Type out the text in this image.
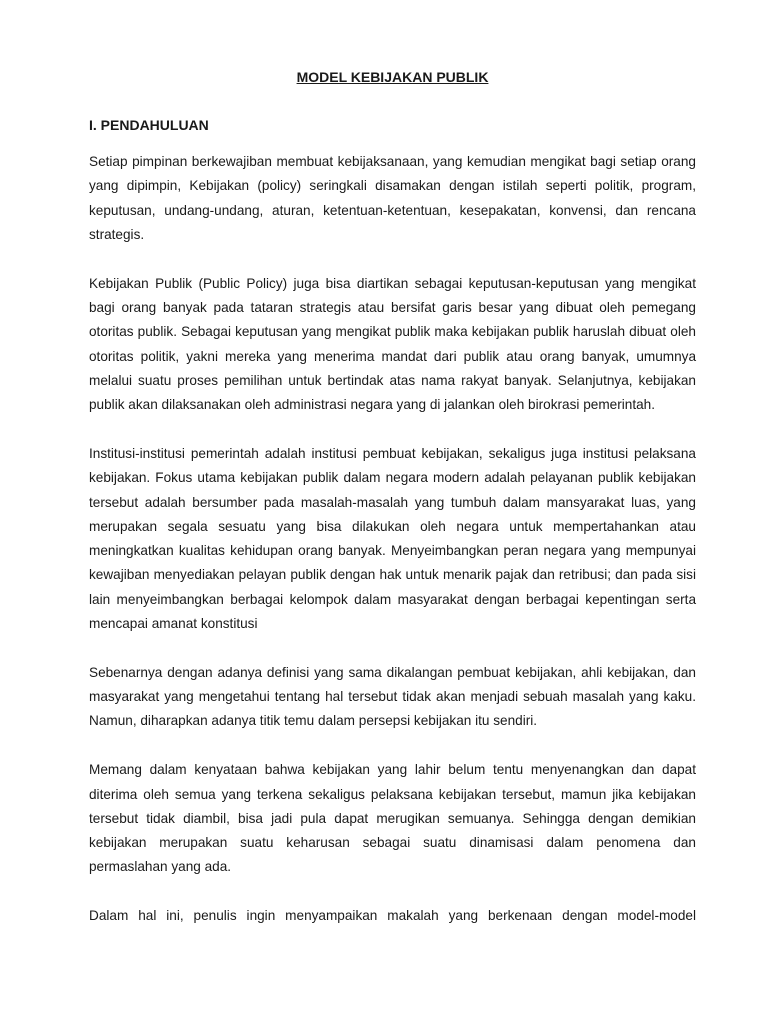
MODEL KEBIJAKAN PUBLIK
I. PENDAHULUAN

Setiap pimpinan berkewajiban membuat kebijaksanaan, yang kemudian mengikat bagi setiap orang yang dipimpin, Kebijakan (policy) seringkali disamakan dengan istilah seperti politik, program, keputusan, undang-undang, aturan, ketentuan-ketentuan, kesepakatan, konvensi, dan rencana strategis.

Kebijakan Publik (Public Policy) juga bisa diartikan sebagai keputusan-keputusan yang mengikat bagi orang banyak pada tataran strategis atau bersifat garis besar yang dibuat oleh pemegang otoritas publik. Sebagai keputusan yang mengikat publik maka kebijakan publik haruslah dibuat oleh otoritas politik, yakni mereka yang menerima mandat dari publik atau orang banyak, umumnya melalui suatu proses pemilihan untuk bertindak atas nama rakyat banyak. Selanjutnya, kebijakan publik akan dilaksanakan oleh administrasi negara yang di jalankan oleh birokrasi pemerintah.

Institusi-institusi pemerintah adalah institusi pembuat kebijakan, sekaligus juga institusi pelaksana kebijakan. Fokus utama kebijakan publik dalam negara modern adalah pelayanan publik kebijakan tersebut adalah bersumber pada masalah-masalah yang tumbuh dalam mansyarakat luas, yang merupakan segala sesuatu yang bisa dilakukan oleh negara untuk mempertahankan atau meningkatkan kualitas kehidupan orang banyak. Menyeimbangkan peran negara yang mempunyai kewajiban menyediakan pelayan publik dengan hak untuk menarik pajak dan retribusi; dan pada sisi lain menyeimbangkan berbagai kelompok dalam masyarakat dengan berbagai kepentingan serta mencapai amanat konstitusi

Sebenarnya dengan adanya definisi yang sama dikalangan pembuat kebijakan, ahli kebijakan, dan masyarakat yang mengetahui tentang hal tersebut tidak akan menjadi sebuah masalah yang kaku. Namun, diharapkan adanya titik temu dalam persepsi kebijakan itu sendiri.

Memang dalam kenyataan bahwa kebijakan yang lahir belum tentu menyenangkan dan dapat diterima oleh semua yang terkena sekaligus pelaksana kebijakan tersebut, mamun jika kebijakan tersebut tidak diambil, bisa jadi pula dapat merugikan semuanya. Sehingga dengan demikian kebijakan merupakan suatu keharusan sebagai suatu dinamisasi dalam penomena dan permaslahan yang ada.

Dalam hal ini, penulis ingin menyampaikan makalah yang berkenaan dengan model-model
